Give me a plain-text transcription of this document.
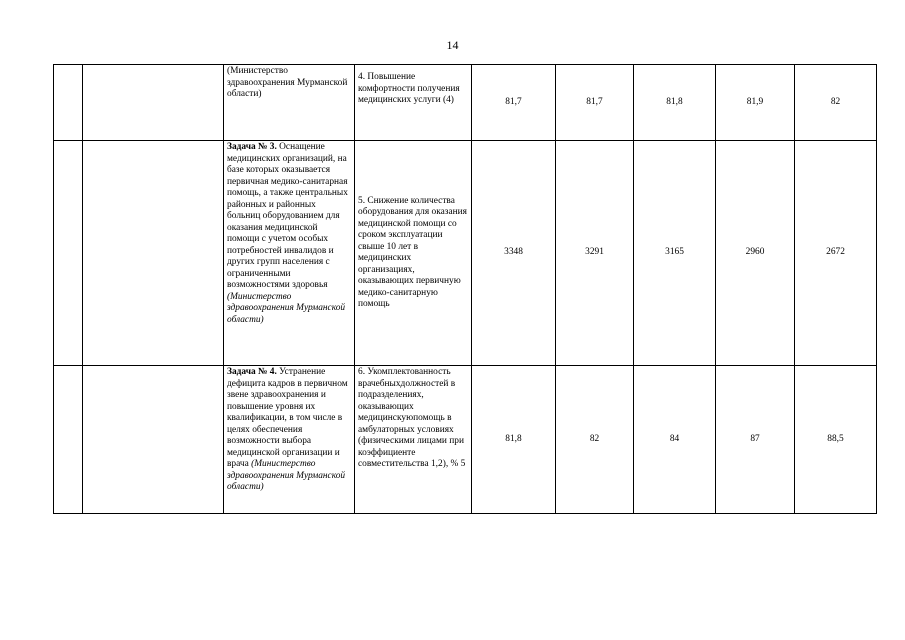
14
		(Министерство здравоохранения Мурманской области)	4. Повышение комфортности получения медицинских услуги (4)	81,7	81,7	81,8	81,9	82
		Задача № 3. Оснащение медицинских организаций, на базе которых оказывается первичная медико-санитарная помощь, а также центральных районных и районных больниц оборудованием для оказания медицинской помощи с учетом особых потребностей инвалидов и других групп населения с ограниченными возможностями здоровья (Министерство здравоохранения Мурманской области)	5. Снижение количества оборудования для оказания медицинской помощи со сроком эксплуатации свыше 10 лет в медицинских организациях, оказывающих первичную медико-санитарную помощь	3348	3291	3165	2960	2672
		Задача № 4. Устранение дефицита кадров в первичном звене здравоохранения и повышение уровня их квалификации, в том числе в целях обеспечения возможности выбора медицинской организации и врача (Министерство здравоохранения Мурманской области)	6. Укомплектованность врачебныхдолжностей в подразделениях, оказывающих медицинскуюпомощь в амбулаторных условиях (физическими лицами при коэффициенте совместительства 1,2), % 5	81,8	82	84	87	88,5
